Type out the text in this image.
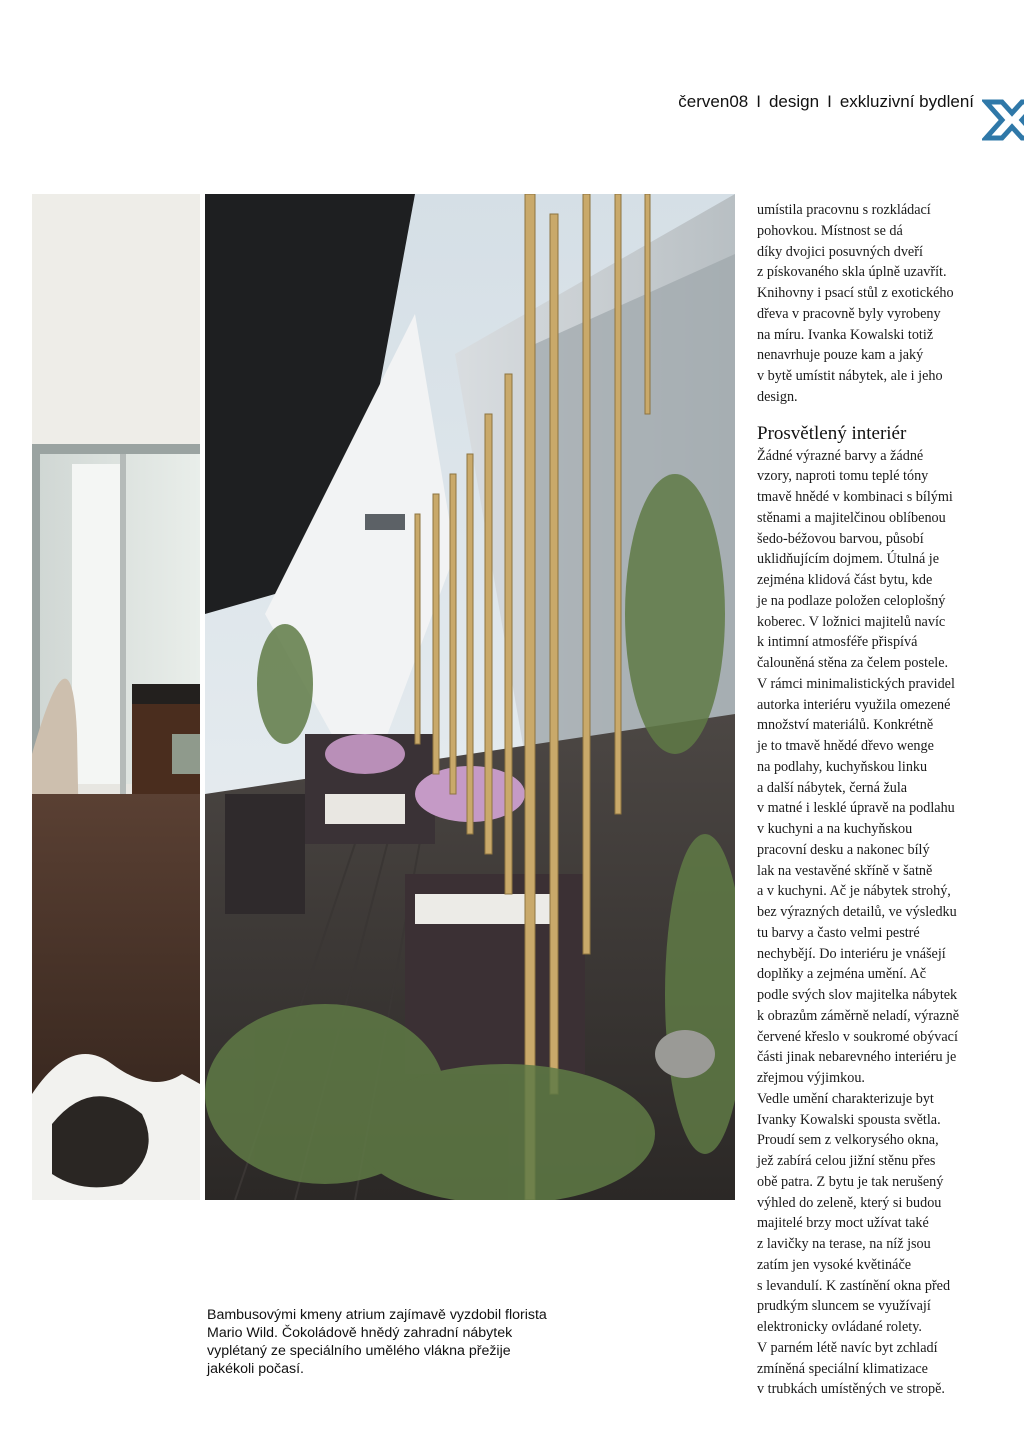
červen08 I design I exkluzivní bydlení
Bambusovými kmeny atrium zajímavě vyzdobil florista Mario Wild. Čokoládově hnědý zahradní nábytek vyplétaný ze speciálního umělého vlákna přežije jakékoli počasí.
umístila pracovnu s rozkládací
pohovkou. Místnost se dá
díky dvojici posuvných dveří
z pískovaného skla úplně uzavřít.
Knihovny i psací stůl z exotického
dřeva v pracovně byly vyrobeny
na míru. Ivanka Kowalski totiž
nenavrhuje pouze kam a jaký
v bytě umístit nábytek, ale i jeho
design.
Prosvětlený interiér
Žádné výrazné barvy a žádné
vzory, naproti tomu teplé tóny
tmavě hnědé v kombinaci s bílými
stěnami a majitelčinou oblíbenou
šedo-béžovou barvou, působí
uklidňujícím dojmem. Útulná je
zejména klidová část bytu, kde
je na podlaze položen celoplošný
koberec. V ložnici majitelů navíc
k intimní atmosféře přispívá
čalouněná stěna za čelem postele.
V rámci minimalistických pravidel
autorka interiéru využila omezené
množství materiálů. Konkrétně
je to tmavě hnědé dřevo wenge
na podlahy, kuchyňskou linku
a další nábytek, černá žula
v matné i lesklé úpravě na podlahu
v kuchyni a na kuchyňskou
pracovní desku a nakonec bílý
lak na vestavěné skříně v šatně
a v kuchyni. Ač je nábytek strohý,
bez výrazných detailů, ve výsledku
tu barvy a často velmi pestré
nechybějí. Do interiéru je vnášejí
doplňky a zejména umění. Ač
podle svých slov majitelka nábytek
k obrazům záměrně neladí, výrazně
červené křeslo v soukromé obývací
části jinak nebarevného interiéru je
zřejmou výjimkou.
Vedle umění charakterizuje byt
Ivanky Kowalski spousta světla.
Proudí sem z velkorysého okna,
jež zabírá celou jižní stěnu přes
obě patra. Z bytu je tak nerušený
výhled do zeleně, který si budou
majitelé brzy moct užívat také
z lavičky na terase, na níž jsou
zatím jen vysoké květináče
s levandulí. K zastínění okna před
prudkým sluncem se využívají
elektronicky ovládané rolety.
V parném létě navíc byt zchladí
zmíněná speciální klimatizace
v trubkách umístěných ve stropě.
